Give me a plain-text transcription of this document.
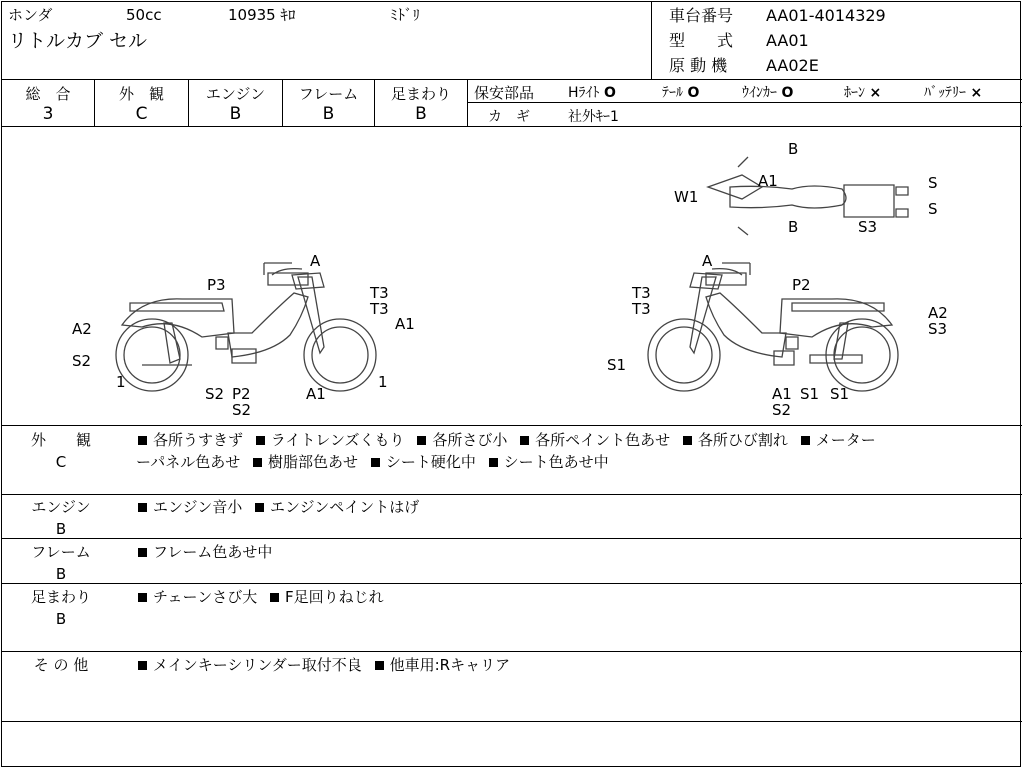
ホンダ	50cc	10935 ｷﾛ	ﾐﾄﾞﾘ
リトルカブ セル
車台番号 AA01-4014329
型　　式 AA01
原 動 機 AA02E
総　合
3
外　観
C
エンジン
B
フレーム
B
足まわり
B
保安部品 Hﾗｲﾄ O	ﾃｰﾙ O	ｳｲﾝｶｰ O	ﾎｰﾝ ×	ﾊﾞｯﾃﾘｰ ×
カ　ギ	社外ｷｰ1
A
P3	T3
T3
A1
A2
S2
1	1
S2 P2
S2
A1
A
T3
T3
P2
A2
S3
S1
A1 S1 S1
S2
B
A1
W1
B
S
S
S3
外　　観
C
各所うすきず ライトレンズくもり 各所さび小 各所ペイント色あせ 各所ひび割れ メーター
ーパネル色あせ 樹脂部色あせ シート硬化中 シート色あせ中
エンジン
B
エンジン音小 エンジンペイントはげ
フレーム
B
フレーム色あせ中
足まわり
B
チェーンさび大 F足回りねじれ
そ の 他	メインキーシリンダー取付不良 他車用:Rキャリア
